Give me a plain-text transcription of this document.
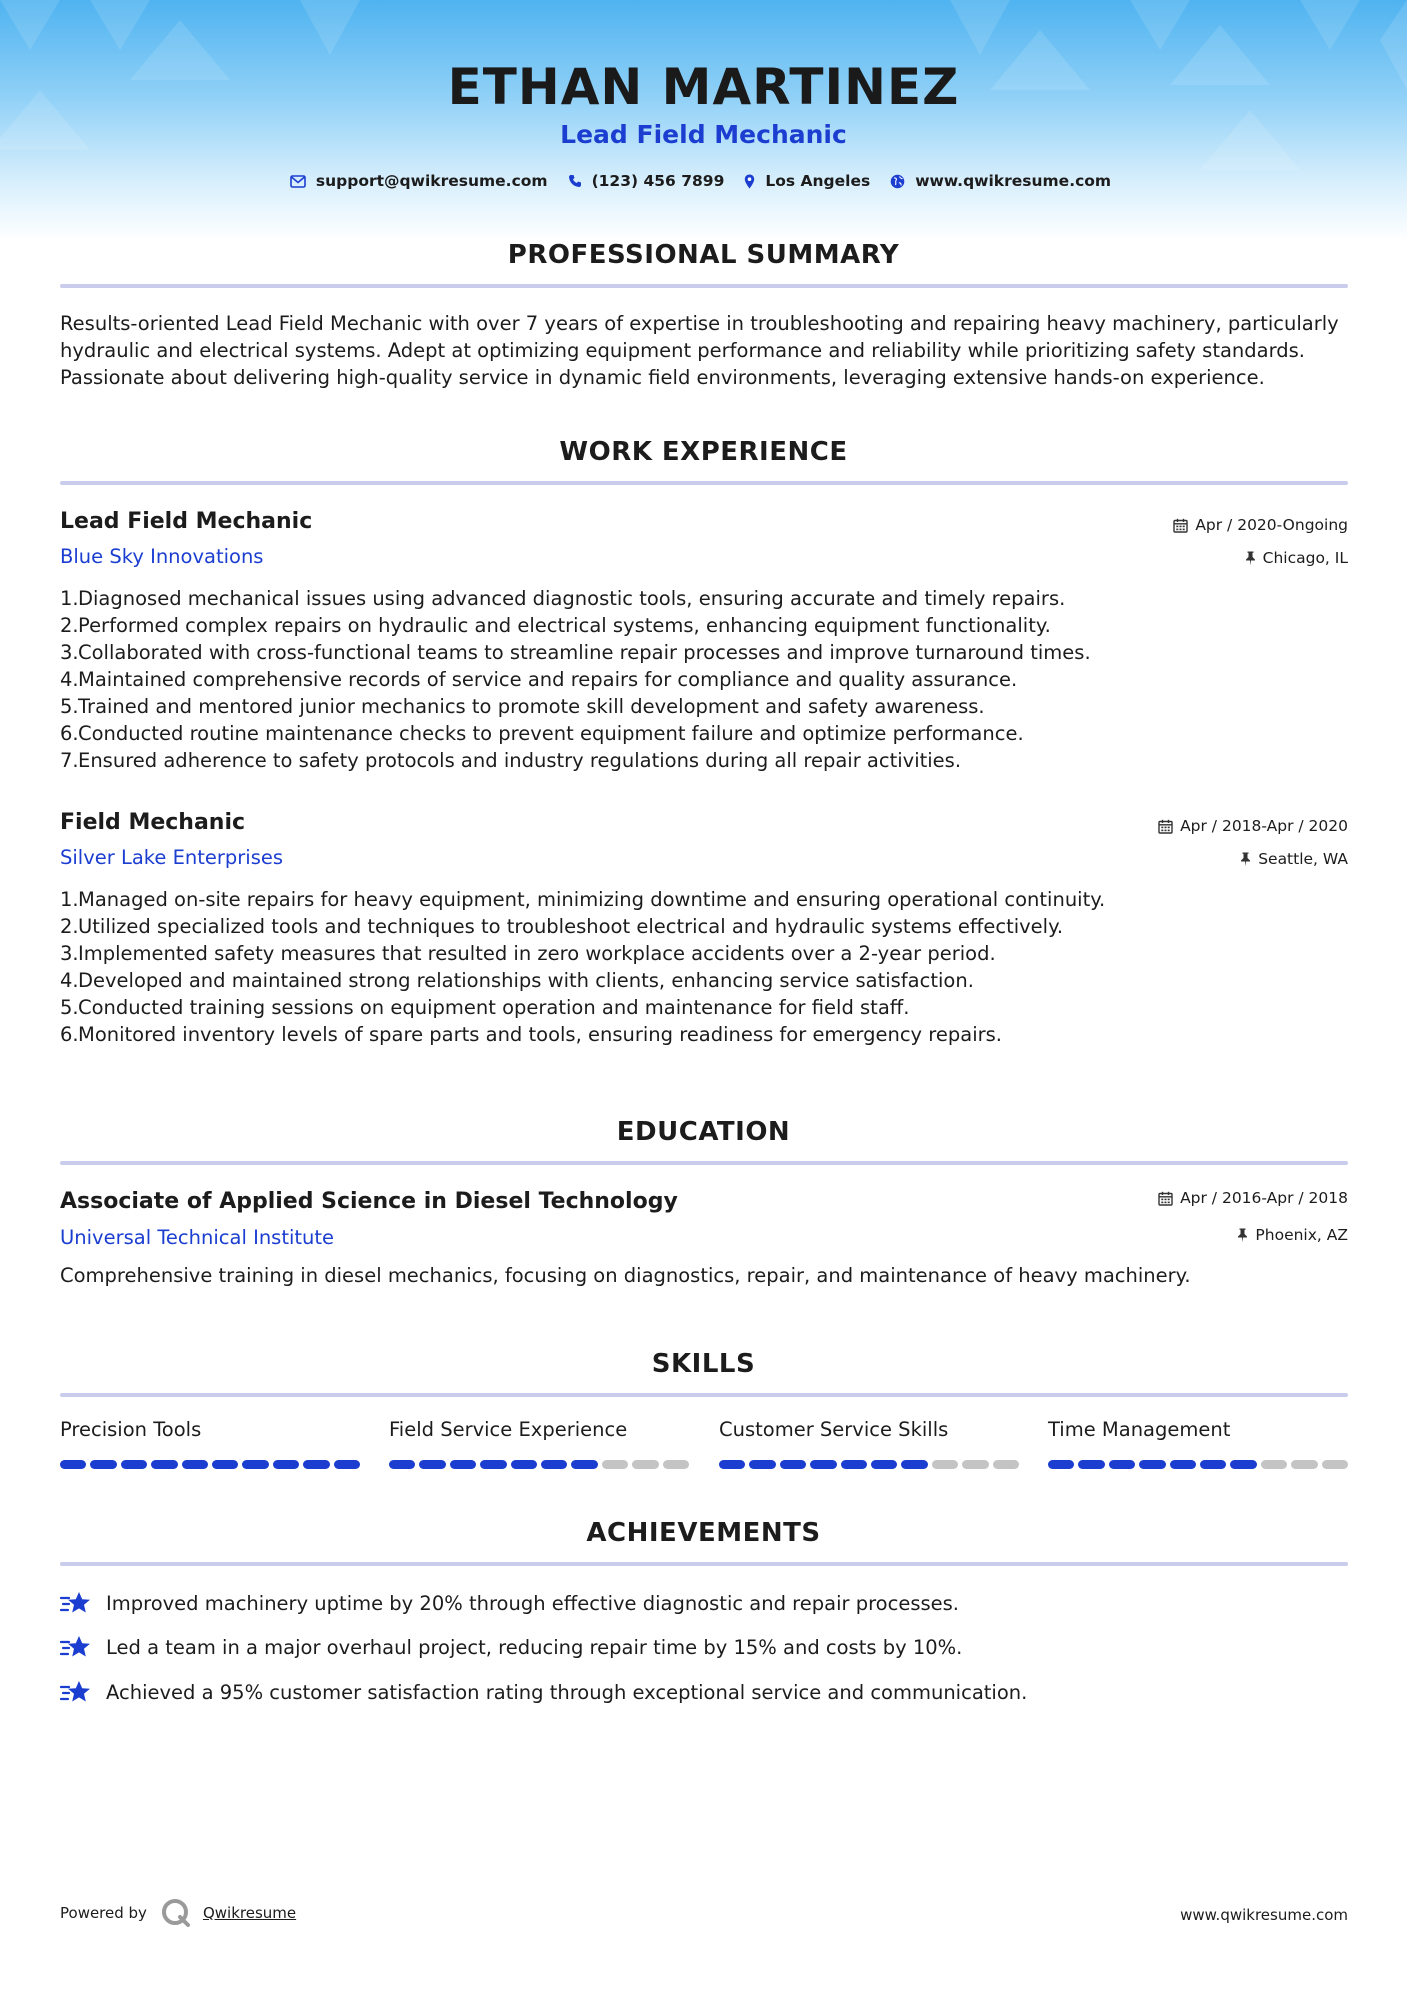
ETHAN MARTINEZ
Lead Field Mechanic
support@qwikresume.com	(123) 456 7899	Los Angeles	www.qwikresume.com
PROFESSIONAL SUMMARY
Results-oriented Lead Field Mechanic with over 7 years of expertise in troubleshooting and repairing heavy machinery, particularly hydraulic and electrical systems. Adept at optimizing equipment performance and reliability while prioritizing safety standards. Passionate about delivering high-quality service in dynamic field environments, leveraging extensive hands-on experience.
WORK EXPERIENCE
Lead Field Mechanic
Blue Sky Innovations
Apr / 2020-Ongoing
Chicago, IL
1. Diagnosed mechanical issues using advanced diagnostic tools, ensuring accurate and timely repairs.
2. Performed complex repairs on hydraulic and electrical systems, enhancing equipment functionality.
3. Collaborated with cross-functional teams to streamline repair processes and improve turnaround times.
4. Maintained comprehensive records of service and repairs for compliance and quality assurance.
5. Trained and mentored junior mechanics to promote skill development and safety awareness.
6. Conducted routine maintenance checks to prevent equipment failure and optimize performance.
7. Ensured adherence to safety protocols and industry regulations during all repair activities.
Field Mechanic
Silver Lake Enterprises
Apr / 2018-Apr / 2020
Seattle, WA
1. Managed on-site repairs for heavy equipment, minimizing downtime and ensuring operational continuity.
2. Utilized specialized tools and techniques to troubleshoot electrical and hydraulic systems effectively.
3. Implemented safety measures that resulted in zero workplace accidents over a 2-year period.
4. Developed and maintained strong relationships with clients, enhancing service satisfaction.
5. Conducted training sessions on equipment operation and maintenance for field staff.
6. Monitored inventory levels of spare parts and tools, ensuring readiness for emergency repairs.
EDUCATION
Associate of Applied Science in Diesel Technology
Universal Technical Institute
Apr / 2016-Apr / 2018
Phoenix, AZ
Comprehensive training in diesel mechanics, focusing on diagnostics, repair, and maintenance of heavy machinery.
SKILLS
Precision Tools	Field Service Experience	Customer Service Skills	Time Management
ACHIEVEMENTS
Improved machinery uptime by 20% through effective diagnostic and repair processes.
Led a team in a major overhaul project, reducing repair time by 15% and costs by 10%.
Achieved a 95% customer satisfaction rating through exceptional service and communication.
Powered by	Qwikresume	www.qwikresume.com
